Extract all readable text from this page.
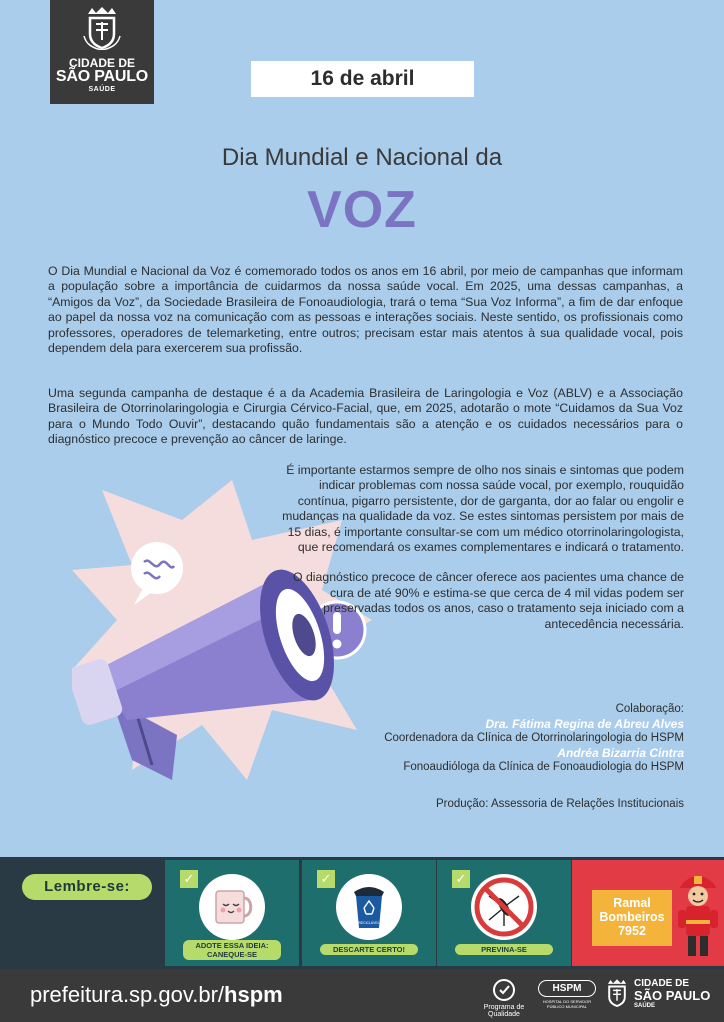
CIDADE DE
SÃO PAULO
SAÚDE	16 de abril
Dia Mundial e Nacional da
VOZ

O Dia Mundial e Nacional da Voz é comemorado todos os anos em 16 abril, por meio de campanhas que informam a população sobre a importância de cuidarmos da nossa saúde vocal. Em 2025, uma dessas campanhas, a “Amigos da Voz”, da Sociedade Brasileira de Fonoaudiologia, trará o tema “Sua Voz Informa”, a fim de dar enfoque ao papel da nossa voz na comunicação com as pessoas e interações sociais. Neste sentido, os profissionais como professores, operadores de telemarketing, entre outros; precisam estar mais atentos à sua qualidade vocal, pois dependem dela para exercerem sua profissão.

Uma segunda campanha de destaque é a da Academia Brasileira de Laringologia e Voz (ABLV) e a Associação Brasileira de Otorrinolaringologia e Cirurgia Cérvico-Facial, que, em 2025, adotarão o mote “Cuidamos da Sua Voz para o Mundo Todo Ouvir”, destacando quão fundamentais são a atenção e os cuidados necessários para o diagnóstico precoce e prevenção ao câncer de laringe.

É importante estarmos sempre de olho nos sinais e sintomas que podem indicar problemas com nossa saúde vocal, por exemplo, rouquidão contínua, pigarro persistente, dor de garganta, dor ao falar ou engolir e mudanças na qualidade da voz. Se estes sintomas persistem por mais de 15 dias, é importante consultar-se com um médico otorrinolaringologista, que recomendará os exames complementares e indicará o tratamento.

O diagnóstico precoce de câncer oferece aos pacientes uma chance de cura de até 90% e estima-se que cerca de 4 mil vidas podem ser preservadas todos os anos, caso o tratamento seja iniciado com a antecedência necessária.

Colaboração:
Dra. Fátima Regina de Abreu Alves
Coordenadora da Clínica de Otorrinolaringologia do HSPM
Andréa Bizarria Cintra
Fonoaudióloga da Clínica de Fonoaudiologia do HSPM
Produção: Assessoria de Relações Institucionais
Lembre-se:	✓
ADOTE ESSA IDEIA: CANEQUE-SE
✓
RECICLÁVEL
DESCARTE CERTO!
✓
PREVINA-SE
Ramal
Bombeiros
7952
prefeitura.sp.gov.br/hspm
Programa de Qualidade
HSPM
HOSPITAL DO SERVIDOR PÚBLICO MUNICIPAL
CIDADE DE
SÃO PAULO
SAÚDE
